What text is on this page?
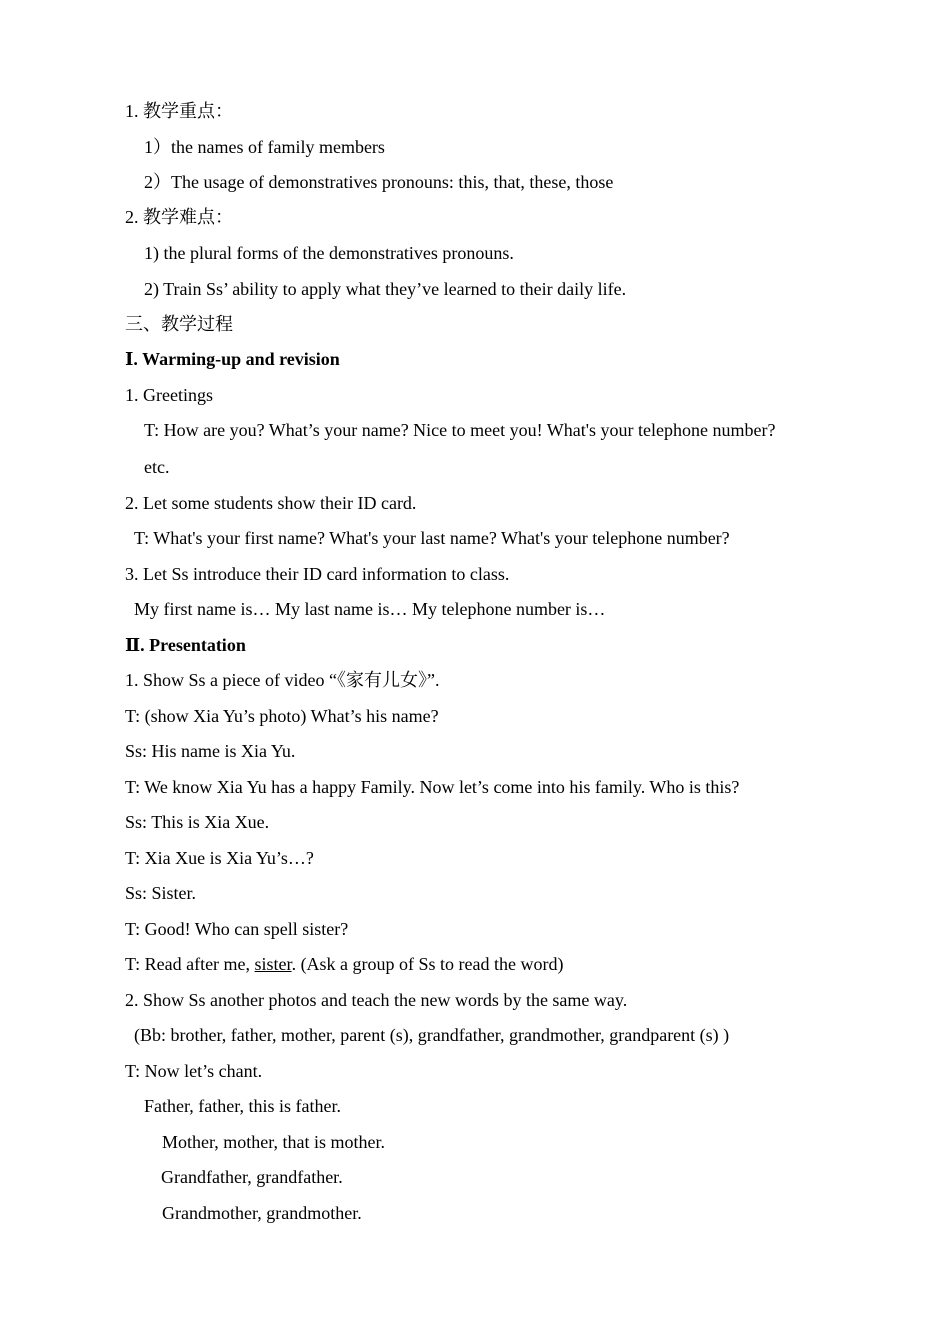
1. 教学重点：
1）the names of family members
2）The usage of demonstratives pronouns: this, that, these, those
2. 教学难点：
1) the plural forms of the demonstratives pronouns.
2) Train Ss’ ability to apply what they’ve learned to their daily life.
三、教学过程
Ⅰ. Warming-up and revision
1. Greetings
T: How are you? What’s your name? Nice to meet you! What's your telephone number?
etc.
2. Let some students show their ID card.
T: What's your first name? What's your last name? What's your telephone number?
3. Let Ss introduce their ID card information to class.
My first name is… My last name is… My telephone number is…
Ⅱ. Presentation
1. Show Ss a piece of video “《家有儿女》”.
T: (show Xia Yu’s photo) What’s his name?
Ss: His name is Xia Yu.
T: We know Xia Yu has a happy Family. Now let’s come into his family. Who is this?
Ss: This is Xia Xue.
T: Xia Xue is Xia Yu’s…?
Ss: Sister.
T: Good! Who can spell sister?
T: Read after me, sister. (Ask a group of Ss to read the word)
2. Show Ss another photos and teach the new words by the same way.
(Bb: brother, father, mother, parent (s), grandfather, grandmother, grandparent (s) )
T: Now let’s chant.
Father, father, this is father.
Mother, mother, that is mother.
Grandfather, grandfather.
Grandmother, grandmother.
